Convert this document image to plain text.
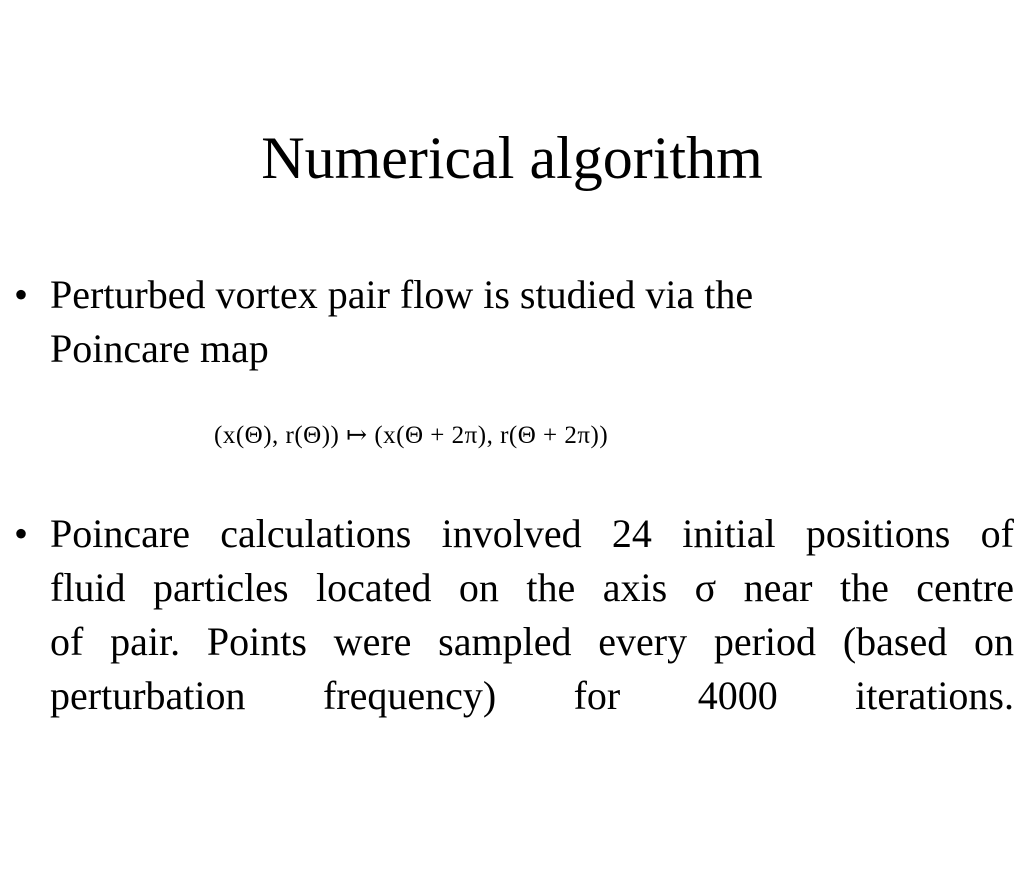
Numerical algorithm
• Perturbed vortex pair flow is studied via the
Poincare map
(x(Θ), r(Θ)) ↦ (x(Θ + 2π), r(Θ + 2π))
• Poincare calculations involved 24 initial positions of
fluid particles located on the axis σ near the centre
of pair. Points were sampled every period (based on
perturbation frequency) for 4000 iterations.
